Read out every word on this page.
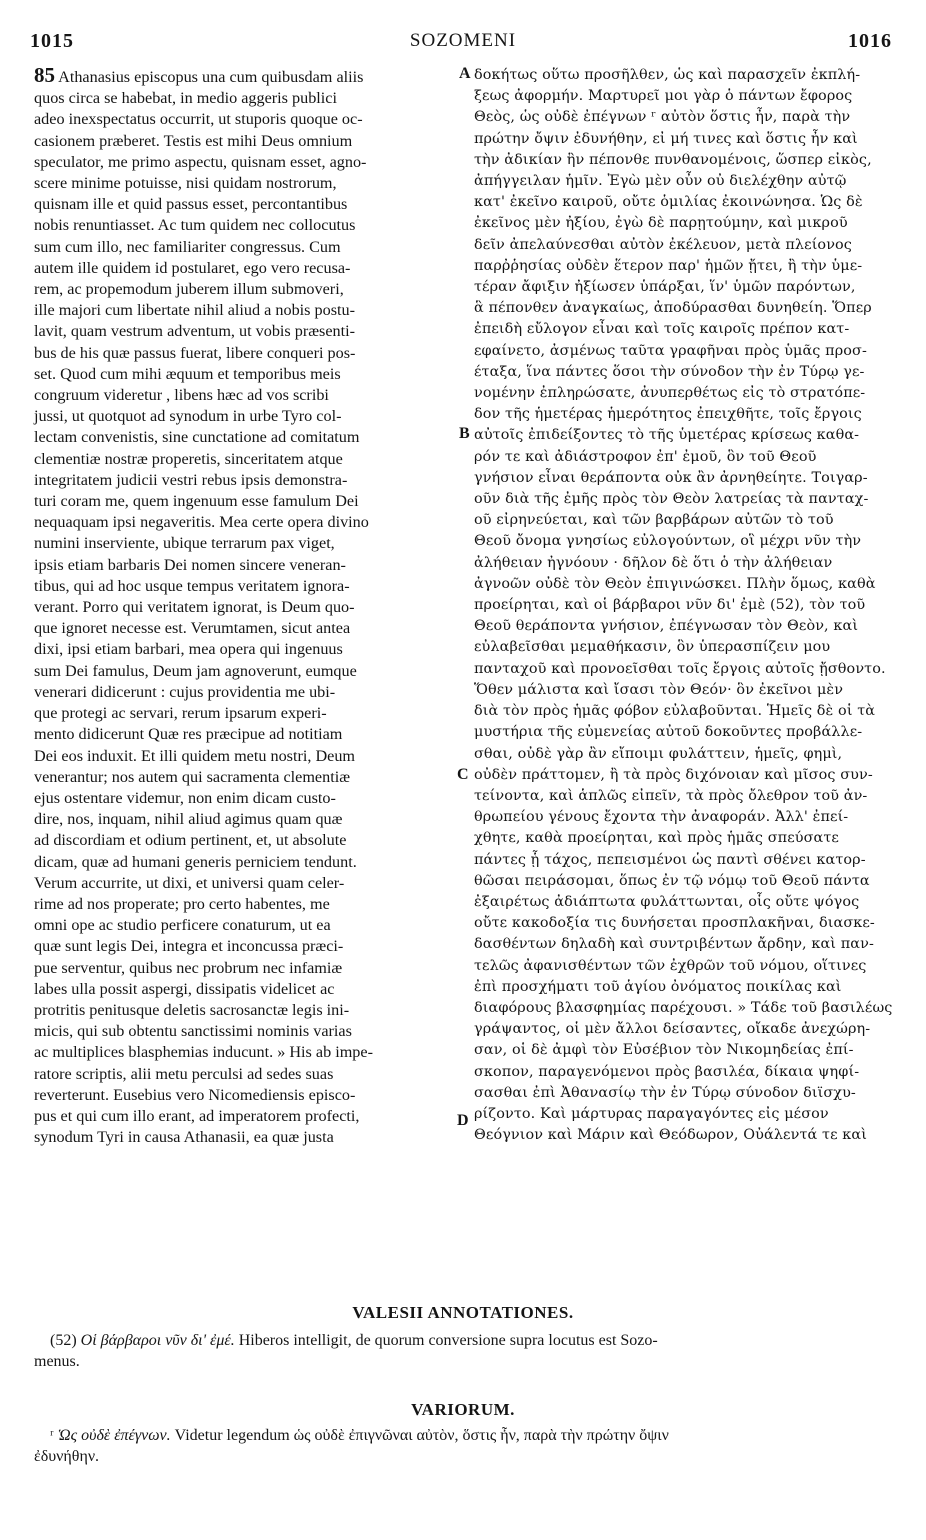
1015	SOZOMENI	1016
85 Athanasius episcopus una cum quibusdam aliis
quos circa se habebat, in medio aggeris publici
adeo inexspectatus occurrit, ut stuporis quoque oc-
casionem præberet. Testis est mihi Deus omnium
speculator, me primo aspectu, quisnam esset, agno-
scere minime potuisse, nisi quidam nostrorum,
quisnam ille et quid passus esset, percontantibus
nobis renuntiasset. Ac tum quidem nec collocutus
sum cum illo, nec familiariter congressus. Cum
autem ille quidem id postularet, ego vero recusa-
rem, ac propemodum juberem illum submoveri,
ille majori cum libertate nihil aliud a nobis postu-
lavit, quam vestrum adventum, ut vobis præsenti-
bus de his quæ passus fuerat, libere conqueri pos-
set. Quod cum mihi æquum et temporibus meis
congruum videretur , libens hæc ad vos scribi
jussi, ut quotquot ad synodum in urbe Tyro col-
lectam convenistis, sine cunctatione ad comitatum
clementiæ nostræ properetis, sinceritatem atque
integritatem judicii vestri rebus ipsis demonstra-
turi coram me, quem ingenuum esse famulum Dei
nequaquam ipsi negaveritis. Mea certe opera divino
numini inserviente, ubique terrarum pax viget,
ipsis etiam barbaris Dei nomen sincere veneran-
tibus, qui ad hoc usque tempus veritatem ignora-
verant. Porro qui veritatem ignorat, is Deum quo-
que ignoret necesse est. Verumtamen, sicut antea
dixi, ipsi etiam barbari, mea opera qui ingenuus
sum Dei famulus, Deum jam agnoverunt, eumque
venerari didicerunt : cujus providentia me ubi-
que protegi ac servari, rerum ipsarum experi-
mento didicerunt Quæ res præcipue ad notitiam
Dei eos induxit. Et illi quidem metu nostri, Deum
venerantur; nos autem qui sacramenta clementiæ
ejus ostentare videmur, non enim dicam custo-
dire, nos, inquam, nihil aliud agimus quam quæ
ad discordiam et odium pertinent, et, ut absolute
dicam, quæ ad humani generis perniciem tendunt.
Verum accurrite, ut dixi, et universi quam celer-
rime ad nos properate; pro certo habentes, me
omni ope ac studio perficere conaturum, ut ea
quæ sunt legis Dei, integra et inconcussa præci-
pue serventur, quibus nec probrum nec infamiæ
labes ulla possit aspergi, dissipatis videlicet ac
protritis penitusque deletis sacrosanctæ legis ini-
micis, qui sub obtentu sanctissimi nominis varias
ac multiplices blasphemias inducunt. » His ab impe-
ratore scriptis, alii metu perculsi ad sedes suas
reverterunt. Eusebius vero Nicomediensis episco-
pus et qui cum illo erant, ad imperatorem profecti,
synodum Tyri in causa Athanasii, ea quæ justa
A
B
C
D
δοκήτως οὕτω προσῆλθεν, ὡς καὶ παρασχεῖν ἐκπλή-
ξεως ἀφορμήν. Μαρτυρεῖ μοι γὰρ ὁ πάντων ἔφορος
Θεὸς, ὡς οὐδὲ ἐπέγνων ʳ αὐτὸν ὅστις ἦν, παρὰ τὴν
πρώτην ὄψιν ἐδυνήθην, εἰ μή τινες καὶ ὅστις ἦν καὶ
τὴν ἀδικίαν ἣν πέπονθε πυνθανομένοις, ὥσπερ εἰκὸς,
ἀπήγγειλαν ἡμῖν. Ἐγὼ μὲν οὖν οὐ διελέχθην αὐτῷ
κατ' ἐκεῖνο καιροῦ, οὔτε ὁμιλίας ἐκοινώνησα. Ὡς δὲ
ἐκεῖνος μὲν ἠξίου, ἐγὼ δὲ παρῃτούμην, καὶ μικροῦ
δεῖν ἀπελαύνεσθαι αὐτὸν ἐκέλευον, μετὰ πλείονος
παρῤῥησίας οὐδὲν ἕτερον παρ' ἡμῶν ᾔτει, ἢ τὴν ὑμε-
τέραν ἄφιξιν ἠξίωσεν ὑπάρξαι, ἵν' ὑμῶν παρόντων,
ἃ πέπονθεν ἀναγκαίως, ἀποδύρασθαι δυνηθείη. Ὅπερ
ἐπειδὴ εὔλογον εἶναι καὶ τοῖς καιροῖς πρέπον κατ-
εφαίνετο, ἀσμένως ταῦτα γραφῆναι πρὸς ὑμᾶς προσ-
έταξα, ἵνα πάντες ὅσοι τὴν σύνοδον τὴν ἐν Τύρῳ γε-
νομένην ἐπληρώσατε, ἀνυπερθέτως εἰς τὸ στρατόπε-
δον τῆς ἡμετέρας ἡμερότητος ἐπειχθῆτε, τοῖς ἔργοις
αὐτοῖς ἐπιδείξοντες τὸ τῆς ὑμετέρας κρίσεως καθα-
ρόν τε καὶ ἀδιάστροφον ἐπ' ἐμοῦ, ὃν τοῦ Θεοῦ
γνήσιον εἶναι θεράποντα οὐκ ἂν ἀρνηθείητε. Τοιγαρ-
οῦν διὰ τῆς ἐμῆς πρὸς τὸν Θεὸν λατρείας τὰ πανταχ-
οῦ εἰρηνεύεται, καὶ τῶν βαρβάρων αὐτῶν τὸ τοῦ
Θεοῦ ὄνομα γνησίως εὐλογούντων, οἳ μέχρι νῦν τὴν
ἀλήθειαν ἠγνόουν · δῆλον δὲ ὅτι ὁ τὴν ἀλήθειαν
ἀγνοῶν οὐδὲ τὸν Θεὸν ἐπιγινώσκει. Πλὴν ὅμως, καθὰ
προείρηται, καὶ οἱ βάρβαροι νῦν δι' ἐμὲ (52), τὸν τοῦ
Θεοῦ θεράποντα γνήσιον, ἐπέγνωσαν τὸν Θεὸν, καὶ
εὐλαβεῖσθαι μεμαθήκασιν, ὃν ὑπερασπίζειν μου
πανταχοῦ καὶ προνοεῖσθαι τοῖς ἔργοις αὐτοῖς ᾔσθοντο.
Ὅθεν μάλιστα καὶ ἴσασι τὸν Θεόν· ὃν ἐκεῖνοι μὲν
διὰ τὸν πρὸς ἡμᾶς φόβον εὐλαβοῦνται. Ἡμεῖς δὲ οἱ τὰ
μυστήρια τῆς εὐμενείας αὐτοῦ δοκοῦντες προβάλλε-
σθαι, οὐδὲ γὰρ ἂν εἴποιμι φυλάττειν, ἡμεῖς, φημὶ,
οὐδὲν πράττομεν, ἢ τὰ πρὸς διχόνοιαν καὶ μῖσος συν-
τείνοντα, καὶ ἁπλῶς εἰπεῖν, τὰ πρὸς ὄλεθρον τοῦ ἀν-
θρωπείου γένους ἔχοντα τὴν ἀναφοράν. Ἀλλ' ἐπεί-
χθητε, καθὰ προείρηται, καὶ πρὸς ἡμᾶς σπεύσατε
πάντες ᾗ τάχος, πεπεισμένοι ὡς παντὶ σθένει κατορ-
θῶσαι πειράσομαι, ὅπως ἐν τῷ νόμῳ τοῦ Θεοῦ πάντα
ἐξαιρέτως ἀδιάπτωτα φυλάττωνται, οἷς οὔτε ψόγος
οὔτε κακοδοξία τις δυνήσεται προσπλακῆναι, διασκε-
δασθέντων δηλαδὴ καὶ συντριβέντων ἄρδην, καὶ παν-
τελῶς ἀφανισθέντων τῶν ἐχθρῶν τοῦ νόμου, οἵτινες
ἐπὶ προσχήματι τοῦ ἁγίου ὀνόματος ποικίλας καὶ
διαφόρους βλασφημίας παρέχουσι. » Τάδε τοῦ βασιλέως
γράψαντος, οἱ μὲν ἄλλοι δείσαντες, οἴκαδε ἀνεχώρη-
σαν, οἱ δὲ ἀμφὶ τὸν Εὐσέβιον τὸν Νικομηδείας ἐπί-
σκοπον, παραγενόμενοι πρὸς βασιλέα, δίκαια ψηφί-
σασθαι ἐπὶ Ἀθανασίῳ τὴν ἐν Τύρῳ σύνοδον διϊσχυ-
ρίζοντο. Καὶ μάρτυρας παραγαγόντες εἰς μέσον
Θεόγνιον καὶ Μάριν καὶ Θεόδωρον, Οὐάλεντά τε καὶ
VALESII ANNOTATIONES.

(52) Οἱ βάρβαροι νῦν δι' ἐμέ. Hiberos intelligit, de quorum conversione supra locutus est Sozo-
menus.

VARIORUM.

ʳ Ὡς οὐδὲ ἐπέγνων. Videtur legendum ὡς οὐδὲ ἐπιγνῶναι αὐτὸν, ὅστις ἦν, παρὰ τὴν πρώτην ὄψιν
ἐδυνήθην.
